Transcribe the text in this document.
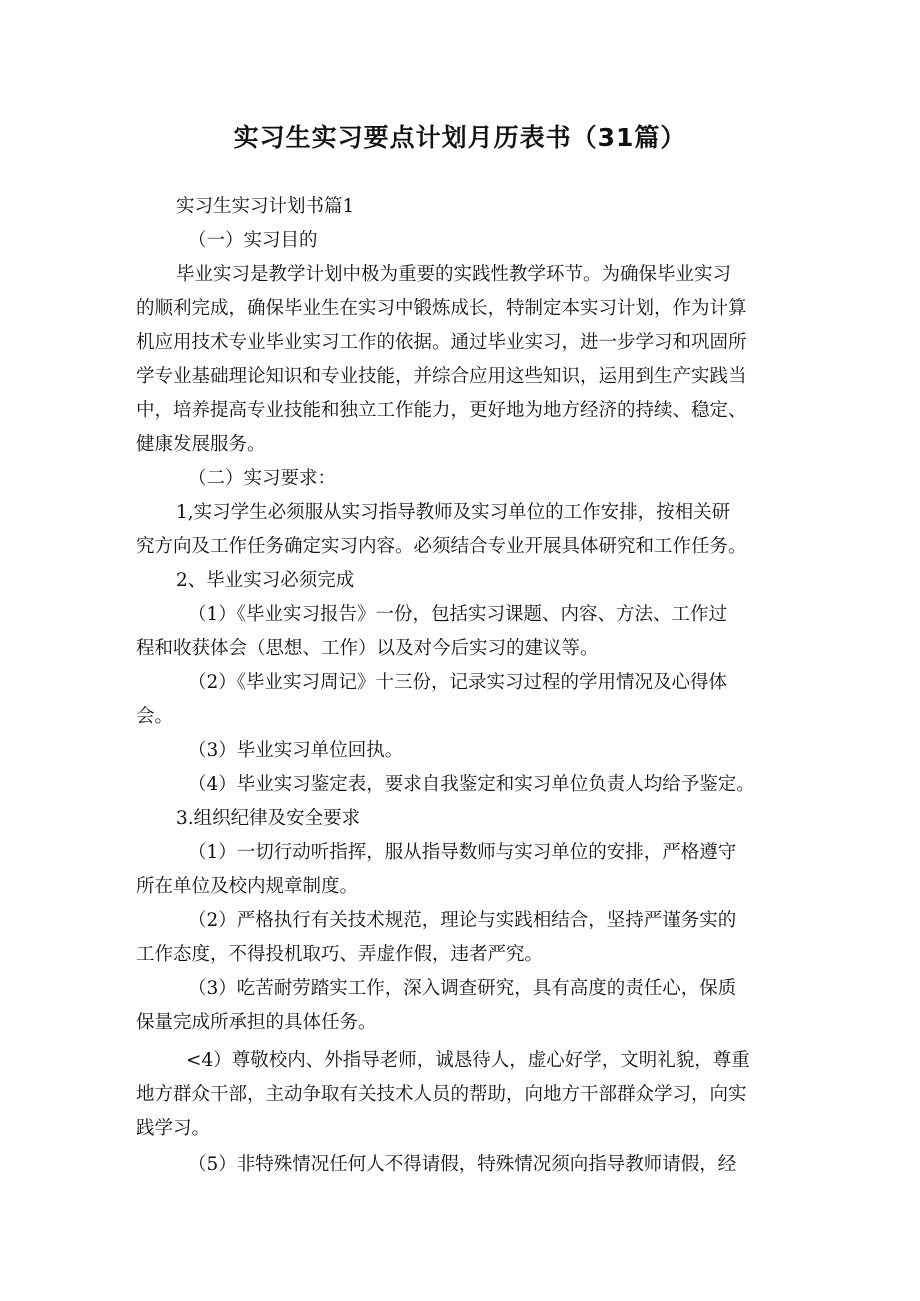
实习生实习要点计划月历表书（31篇）

实习生实习计划书篇1

（一）实习目的

毕业实习是教学计划中极为重要的实践性教学环节。为确保毕业实习

的顺利完成，确保毕业生在实习中锻炼成长，特制定本实习计划，作为计算

机应用技术专业毕业实习工作的依据。通过毕业实习，进一步学习和巩固所

学专业基础理论知识和专业技能，并综合应用这些知识，运用到生产实践当

中，培养提高专业技能和独立工作能力，更好地为地方经济的持续、稳定、

健康发展服务。

（二）实习要求：

1,实习学生必须服从实习指导教师及实习单位的工作安排，按相关研

究方向及工作任务确定实习内容。必须结合专业开展具体研究和工作任务。

2、毕业实习必须完成

（1）《毕业实习报告》一份，包括实习课题、内容、方法、工作过

程和收获体会（思想、工作）以及对今后实习的建议等。

（2）《毕业实习周记》十三份，记录实习过程的学用情况及心得体

会。

（3）毕业实习单位回执。

（4）毕业实习鉴定表，要求自我鉴定和实习单位负责人均给予鉴定。

3.组织纪律及安全要求

（1）一切行动听指挥，服从指导数师与实习单位的安排，严格遵守

所在单位及校内规章制度。

（2）严格执行有关技术规范，理论与实践相结合，坚持严谨务实的

工作态度，不得投机取巧、弄虚作假，违者严究。

（3）吃苦耐劳踏实工作，深入调查研究，具有高度的责任心，保质

保量完成所承担的具体任务。

<4）尊敬校内、外指导老师，诚恳待人，虚心好学，文明礼貌，尊重

地方群众干部，主动争取有关技术人员的帮助，向地方干部群众学习，向实

践学习。

（5）非特殊情况任何人不得请假，特殊情况须向指导教师请假，经
